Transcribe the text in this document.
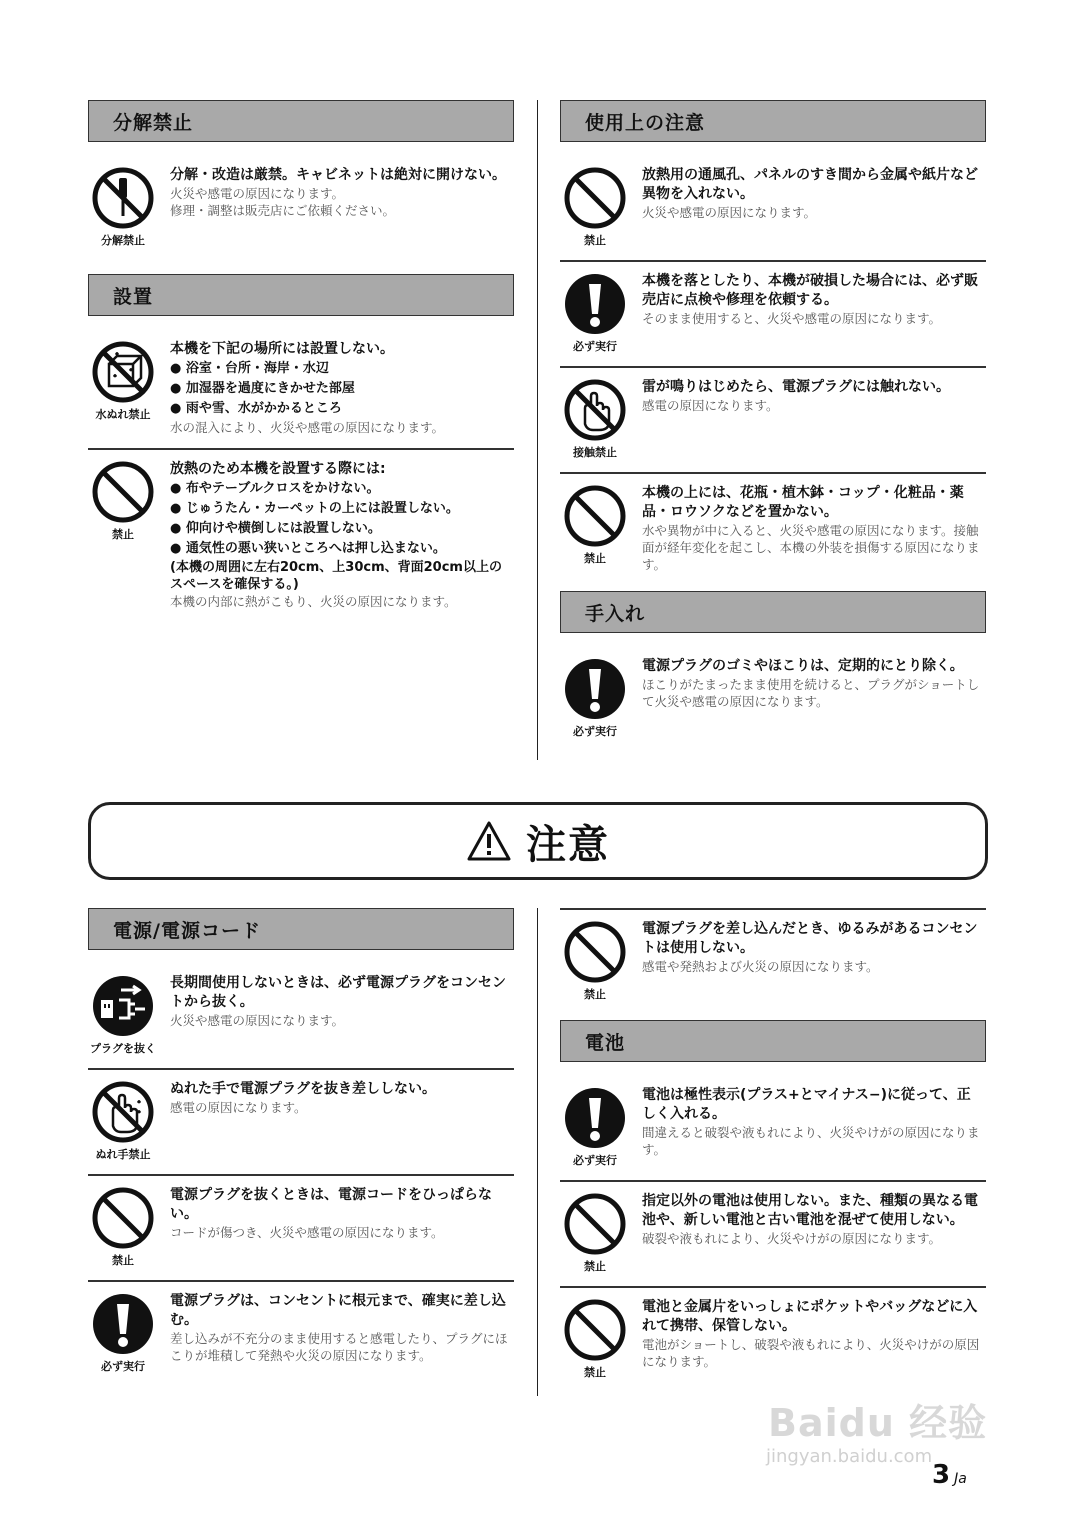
分解禁止
分解禁止
分解・改造は厳禁。キャビネットは絶対に開けない。
火災や感電の原因になります。
修理・調整は販売店にご依頼ください。
設置
水ぬれ禁止
本機を下記の場所には設置しない。
● 浴室・台所・海岸・水辺
● 加湿器を過度にきかせた部屋
● 雨や雪、水がかかるところ
水の混入により、火災や感電の原因になります。
禁止
放熱のため本機を設置する際には:
● 布やテーブルクロスをかけない。
● じゅうたん・カーペットの上には設置しない。
● 仰向けや横倒しには設置しない。
● 通気性の悪い狭いところへは押し込まない。
(本機の周囲に左右20cm、上30cm、背面20cm以上のスペースを確保する。)
本機の内部に熱がこもり、火災の原因になります。
使用上の注意
禁止
放熱用の通風孔、パネルのすき間から金属や紙片など異物を入れない。
火災や感電の原因になります。
必ず実行
本機を落としたり、本機が破損した場合には、必ず販売店に点検や修理を依頼する。
そのまま使用すると、火災や感電の原因になります。
接触禁止
雷が鳴りはじめたら、電源プラグには触れない。
感電の原因になります。
禁止
本機の上には、花瓶・植木鉢・コップ・化粧品・薬品・ロウソクなどを置かない。
水や異物が中に入ると、火災や感電の原因になります。接触面が経年変化を起こし、本機の外装を損傷する原因になります。
手入れ
必ず実行
電源プラグのゴミやほこりは、定期的にとり除く。
ほこりがたまったまま使用を続けると、プラグがショートして火災や感電の原因になります。
注意
電源/電源コード
プラグを抜く
長期間使用しないときは、必ず電源プラグをコンセントから抜く。
火災や感電の原因になります。
ぬれ手禁止
ぬれた手で電源プラグを抜き差ししない。
感電の原因になります。
禁止
電源プラグを抜くときは、電源コードをひっぱらない。
コードが傷つき、火災や感電の原因になります。
必ず実行
電源プラグは、コンセントに根元まで、確実に差し込む。
差し込みが不充分のまま使用すると感電したり、プラグにほこりが堆積して発熱や火災の原因になります。
禁止
電源プラグを差し込んだとき、ゆるみがあるコンセントは使用しない。
感電や発熱および火災の原因になります。
電池
必ず実行
電池は極性表示(プラス+とマイナス−)に従って、正しく入れる。
間違えると破裂や液もれにより、火災やけがの原因になります。
禁止
指定以外の電池は使用しない。また、種類の異なる電池や、新しい電池と古い電池を混ぜて使用しない。
破裂や液もれにより、火災やけがの原因になります。
禁止
電池と金属片をいっしょにポケットやバッグなどに入れて携帯、保管しない。
電池がショートし、破裂や液もれにより、火災やけがの原因になります。
Baidu 经验
jingyan.baidu.com
3 Ja
